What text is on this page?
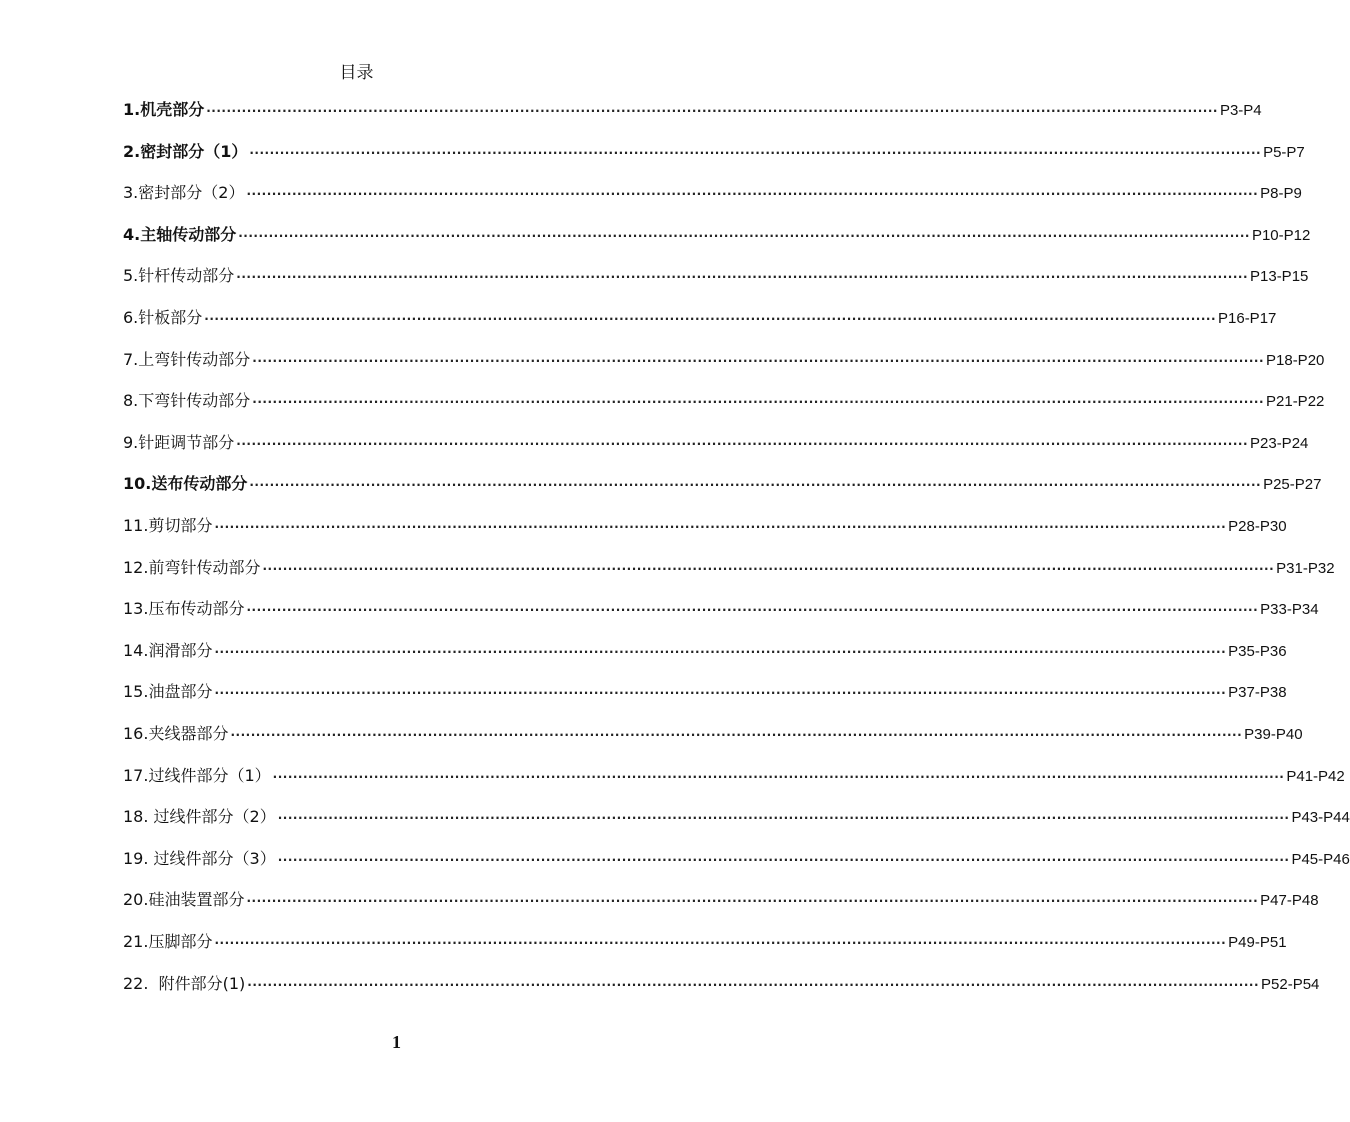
目录
1.机壳部分 ········································································································································································································ P3-P4
2.密封部分（1） ········································································································································································································ P5-P7
3.密封部分（2） ········································································································································································································ P8-P9
4.主轴传动部分 ········································································································································································································ P10-P12
5.针杆传动部分 ········································································································································································································ P13-P15
6.针板部分 ········································································································································································································ P16-P17
7.上弯针传动部分 ········································································································································································································ P18-P20
8.下弯针传动部分 ········································································································································································································ P21-P22
9.针距调节部分 ········································································································································································································ P23-P24
10.送布传动部分 ········································································································································································································ P25-P27
11.剪切部分 ········································································································································································································ P28-P30
12.前弯针传动部分 ········································································································································································································ P31-P32
13.压布传动部分 ········································································································································································································ P33-P34
14.润滑部分 ········································································································································································································ P35-P36
15.油盘部分 ········································································································································································································ P37-P38
16.夹线器部分 ········································································································································································································ P39-P40
17.过线件部分（1） ········································································································································································································ P41-P42
18. 过线件部分（2） ········································································································································································································ P43-P44
19. 过线件部分（3） ········································································································································································································ P45-P46
20.硅油装置部分 ········································································································································································································ P47-P48
21.压脚部分 ········································································································································································································ P49-P51
22.  附件部分(1) ········································································································································································································ P52-P54
1
